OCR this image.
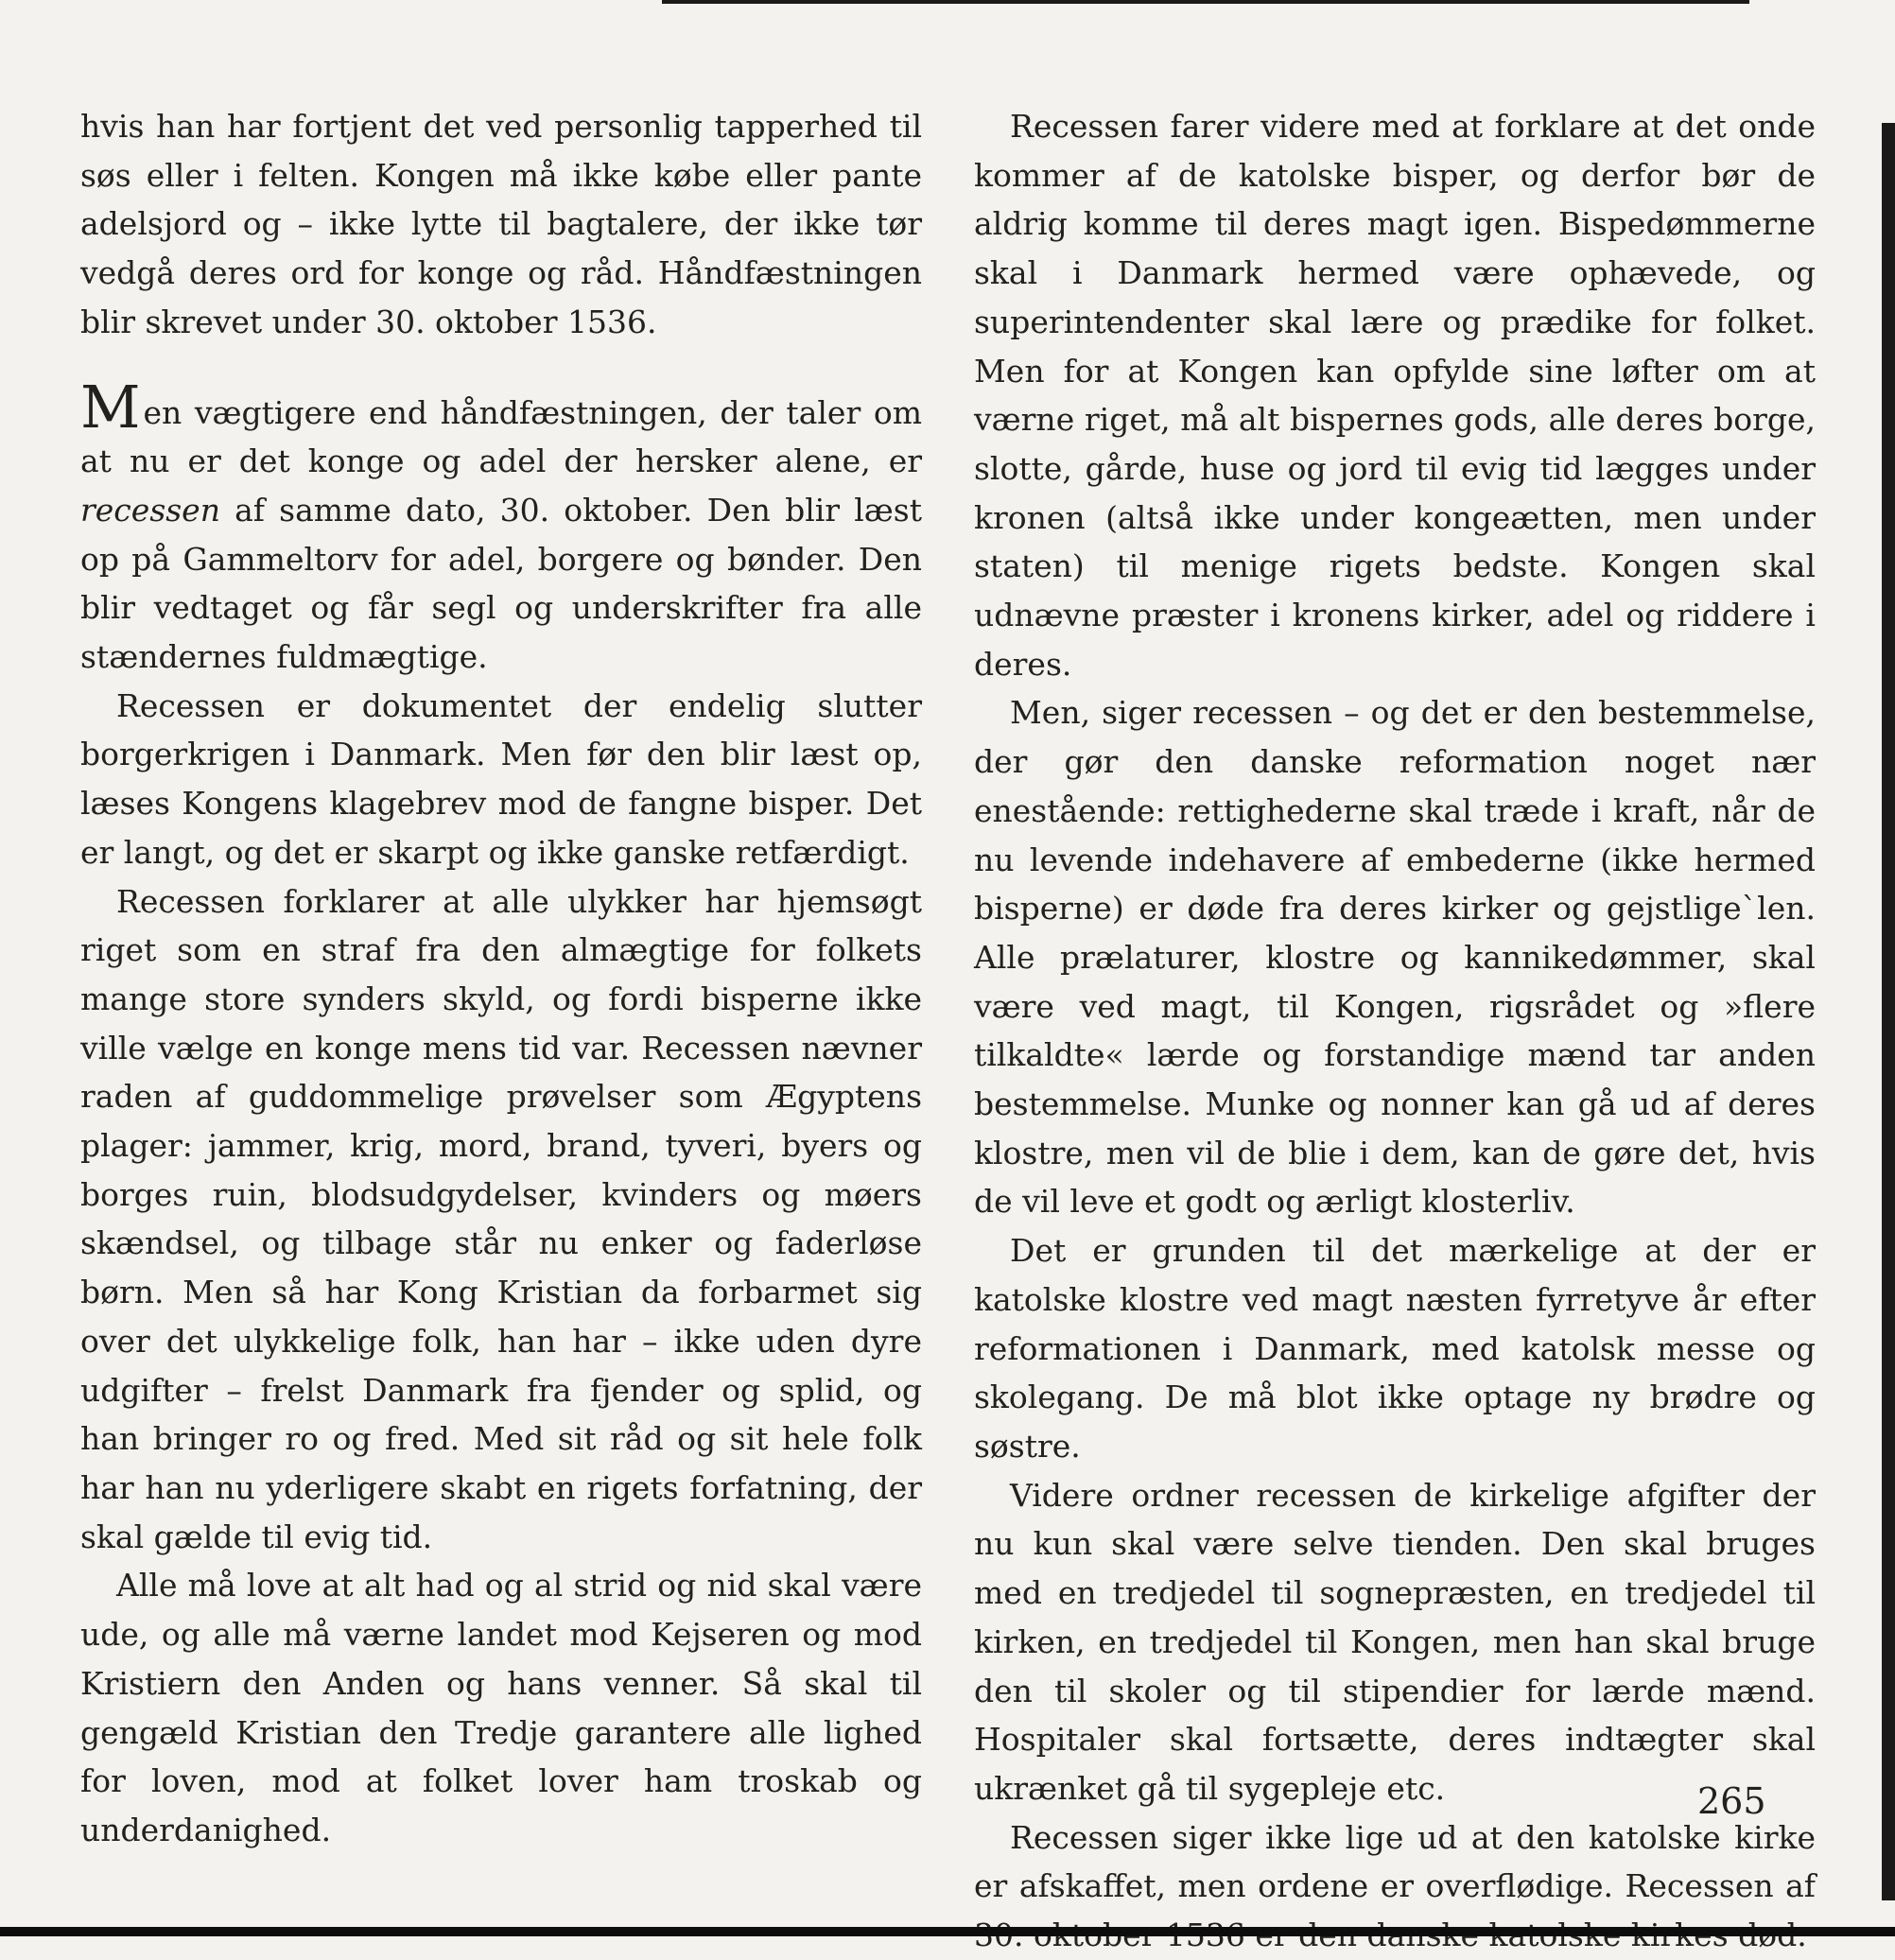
hvis han har fortjent det ved personlig tapperhed til søs eller i felten. Kongen må ikke købe eller pante adelsjord og – ikke lytte til bagtalere, der ikke tør vedgå deres ord for konge og råd. Håndfæstningen blir skrevet under 30. oktober 1536.

Men vægtigere end håndfæstningen, der taler om at nu er det konge og adel der hersker alene, er recessen af samme dato, 30. oktober. Den blir læst op på Gammeltorv for adel, borgere og bønder. Den blir vedtaget og får segl og underskrifter fra alle stændernes fuldmægtige.

Recessen er dokumentet der endelig slutter borgerkrigen i Danmark. Men før den blir læst op, læses Kongens klagebrev mod de fangne bisper. Det er langt, og det er skarpt og ikke ganske retfærdigt.

Recessen forklarer at alle ulykker har hjemsøgt riget som en straf fra den almægtige for folkets mange store synders skyld, og fordi bisperne ikke ville vælge en konge mens tid var. Recessen nævner raden af guddommelige prøvelser som Ægyptens plager: jammer, krig, mord, brand, tyveri, byers og borges ruin, blodsudgydelser, kvinders og møers skændsel, og tilbage står nu enker og faderløse børn. Men så har Kong Kristian da forbarmet sig over det ulykkelige folk, han har – ikke uden dyre udgifter – frelst Danmark fra fjender og splid, og han bringer ro og fred. Med sit råd og sit hele folk har han nu yderligere skabt en rigets forfatning, der skal gælde til evig tid.

Alle må love at alt had og al strid og nid skal være ude, og alle må værne landet mod Kejseren og mod Kristiern den Anden og hans venner. Så skal til gengæld Kristian den Tredje garantere alle lighed for loven, mod at folket lover ham troskab og underdanighed.

Recessen farer videre med at forklare at det onde kommer af de katolske bisper, og derfor bør de aldrig komme til deres magt igen. Bispedømmerne skal i Danmark hermed være ophævede, og superintendenter skal lære og prædike for folket. Men for at Kongen kan opfylde sine løfter om at værne riget, må alt bispernes gods, alle deres borge, slotte, gårde, huse og jord til evig tid lægges under kronen (altså ikke under kongeætten, men under staten) til menige rigets bedste. Kongen skal udnævne præster i kronens kirker, adel og riddere i deres.

Men, siger recessen – og det er den bestemmelse, der gør den danske reformation noget nær enestående: rettighederne skal træde i kraft, når de nu levende indehavere af embederne (ikke hermed bisperne) er døde fra deres kirker og gejstlige`len. Alle prælaturer, klostre og kannikedømmer, skal være ved magt, til Kongen, rigsrådet og »flere tilkaldte« lærde og forstandige mænd tar anden bestemmelse. Munke og nonner kan gå ud af deres klostre, men vil de blie i dem, kan de gøre det, hvis de vil leve et godt og ærligt klosterliv.

Det er grunden til det mærkelige at der er katolske klostre ved magt næsten fyrretyve år efter reformationen i Danmark, med katolsk messe og skolegang. De må blot ikke optage ny brødre og søstre.

Videre ordner recessen de kirkelige afgifter der nu kun skal være selve tienden. Den skal bruges med en tredjedel til sognepræsten, en tredjedel til kirken, en tredjedel til Kongen, men han skal bruge den til skoler og til stipendier for lærde mænd. Hospitaler skal fortsætte, deres indtægter skal ukrænket gå til sygepleje etc.

Recessen siger ikke lige ud at den katolske kirke er afskaffet, men ordene er overflødige. Recessen af

265
